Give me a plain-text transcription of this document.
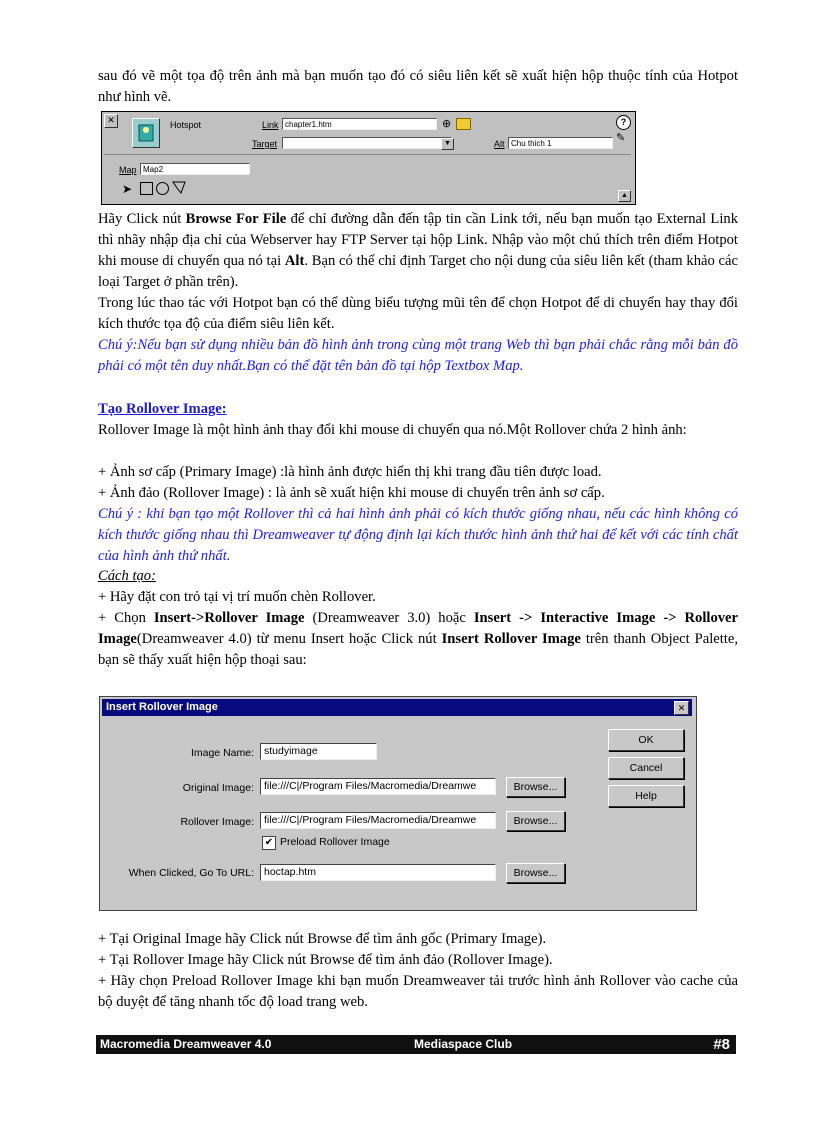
sau đó vẽ một tọa độ trên ảnh mà bạn muốn tạo đó có siêu liên kết sẽ xuất hiện hộp thuộc tính của Hotpot như hình vẽ.
✕	Hotspot	Link chapter1.htm	⊕
Target	▼	Alt Chu thich 1
?
✎
Map Map2
➤	▲
Hãy Click nút Browse For File để chỉ đường dẫn đến tập tin cần Link tới, nếu bạn muốn tạo External Link thì nhãy nhập địa chỉ của Webserver hay FTP Server tại hộp Link. Nhập vào một chú thích trên điểm Hotpot khi mouse di chuyển qua nó tại Alt. Bạn có thể chỉ định Target cho nội dung của siêu liên kết (tham khảo các loại Target ở phần trên).
Trong lúc thao tác với Hotpot bạn có thể dùng biểu tượng mũi tên để chọn Hotpot để di chuyển hay thay đổi kích thước tọa độ của điểm siêu liên kết.
Chú ý:Nếu bạn sử dụng nhiều bản đồ hình ảnh trong cùng một trang Web thì bạn phải chắc rằng mỗi bản đồ phải có một tên duy nhất.Bạn có thể đặt tên bản đồ tại hộp Textbox Map.
Tạo Rollover Image:
Rollover Image là một hình ảnh thay đổi khi mouse di chuyển qua nó.Một Rollover chứa 2 hình ảnh:
+ Ảnh sơ cấp (Primary Image) :là hình ảnh được hiển thị khi trang đầu tiên được load.
+ Ảnh đảo (Rollover Image) : là ảnh sẽ xuất hiện khi mouse di chuyển trên ảnh sơ cấp.
Chú ý : khi bạn tạo một Rollover thì cả hai hình ảnh phải có kích thước giống nhau, nếu các hình không có kích thước giống nhau thì Dreamweaver tự động định lại kích thước hình ảnh thứ hai để kết với các tính chất của hình ảnh thứ nhất.
Cách tạo:
+ Hãy đặt con trỏ tại vị trí muốn chèn Rollover.
+ Chọn Insert->Rollover Image (Dreamweaver 3.0) hoặc Insert -> Interactive Image -> Rollover Image(Dreamweaver 4.0) từ menu Insert hoặc Click nút Insert Rollover Image trên thanh Object Palette, bạn sẽ thấy xuất hiện hộp thoại sau:
Insert Rollover Image	✕
Image Name: studyimage
Original Image: file:///C|/Program Files/Macromedia/Dreamwe	Browse...
Rollover Image: file:///C|/Program Files/Macromedia/Dreamwe	Browse...
✔ Preload Rollover Image
When Clicked, Go To URL: hoctap.htm	Browse...
OK
Cancel
Help
+ Tại Original Image hãy Click nút Browse để tìm ảnh gốc (Primary Image).
+ Tại Rollover Image hãy Click nút Browse để tìm ảnh đảo (Rollover Image).
+ Hãy chọn Preload Rollover Image khi bạn muốn Dreamweaver tải trước hình ảnh Rollover vào cache của bộ duyệt để tăng nhanh tốc độ load trang web.
Macromedia Dreamweaver 4.0	Mediaspace Club	#8
